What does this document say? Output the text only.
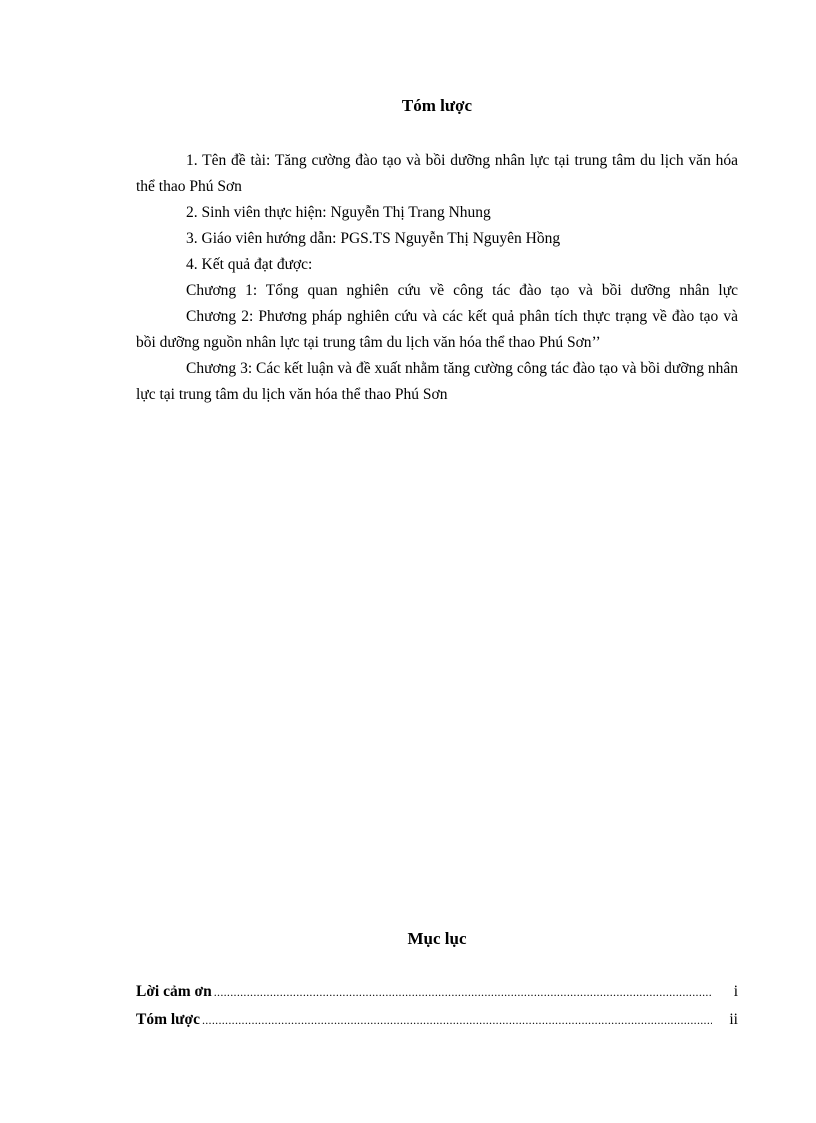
Tóm lược

1. Tên đề tài: Tăng cường đào tạo và bồi dưỡng nhân lực tại trung tâm du lịch văn hóa thể thao Phú Sơn

2. Sinh viên thực hiện: Nguyễn Thị Trang Nhung

3. Giáo viên hướng dẫn: PGS.TS Nguyễn Thị Nguyên Hồng

4. Kết quả đạt được:

Chương 1: Tổng quan nghiên cứu về công tác đào tạo và bồi dưỡng nhân lực

Chương 2: Phương pháp nghiên cứu và các kết quả phân tích thực trạng về đào tạo và bồi dưỡng nguồn nhân lực tại trung tâm du lịch văn hóa thể thao Phú Sơn’’

Chương 3: Các kết luận và đề xuất nhằm tăng cường công tác đào tạo và bồi dưỡng nhân lực tại trung tâm du lịch văn hóa thể thao Phú Sơn

Mục lục
Lời cảm ơn .....	i
Tóm lược .....	ii
